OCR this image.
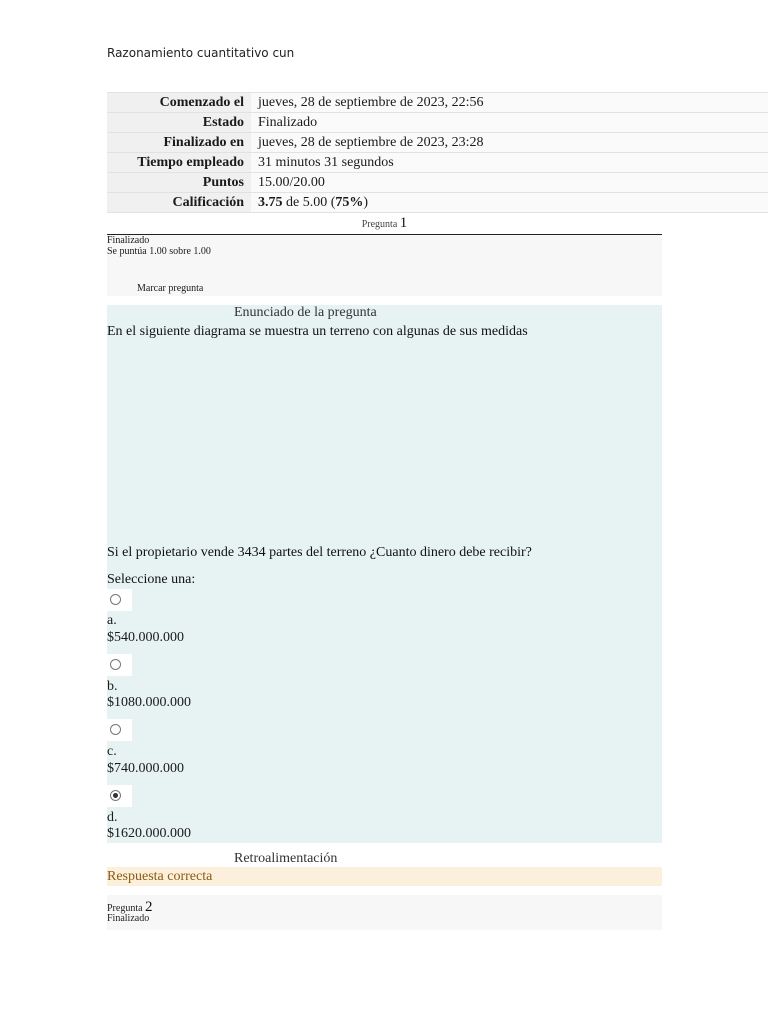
Razonamiento cuantitativo cun
Comenzado el	jueves, 28 de septiembre de 2023, 22:56
Estado	Finalizado
Finalizado en	jueves, 28 de septiembre de 2023, 23:28
Tiempo empleado	31 minutos 31 segundos
Puntos	15.00/20.00
Calificación	3.75 de 5.00 (75%)
Pregunta 1
Finalizado
Se puntúa 1.00 sobre 1.00
Marcar pregunta
Enunciado de la pregunta
En el siguiente diagrama se muestra un terreno con algunas de sus medidas
Si el propietario vende 3434 partes del terreno ¿Cuanto dinero debe recibir?
Seleccione una:
a.
$540.000.000
b.
$1080.000.000
c.
$740.000.000
d.
$1620.000.000
Retroalimentación
Respuesta correcta
Pregunta 2
Finalizado
